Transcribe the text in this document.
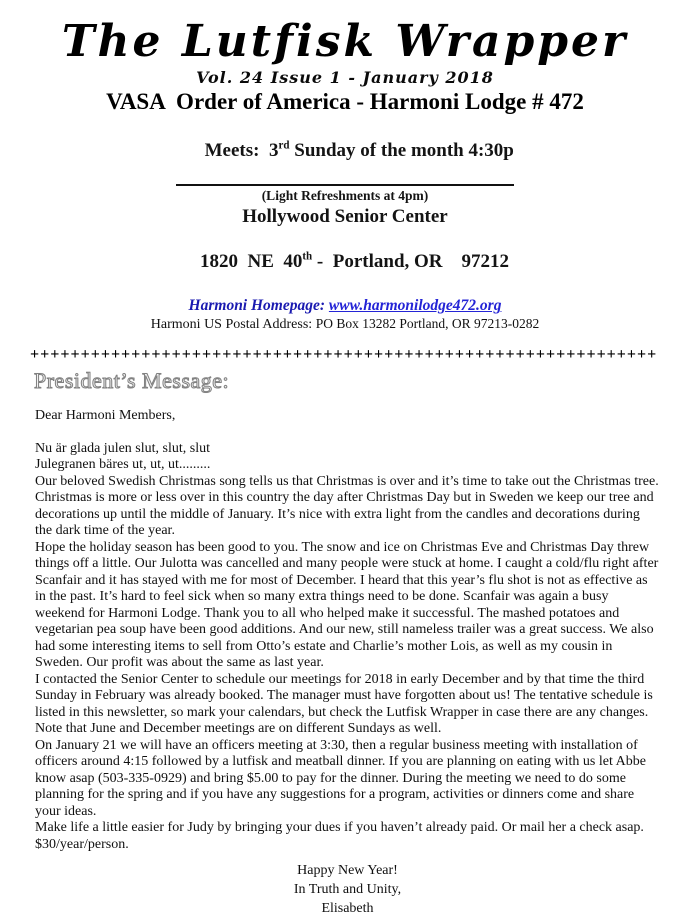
The Lutfisk Wrapper
Vol. 24 Issue 1 - January 2018
VASA  Order of America - Harmoni Lodge # 472

Meets:  3rd Sunday of the month 4:30p

(Light Refreshments at 4pm)
Hollywood Senior Center

1820  NE  40th -  Portland, OR    97212

Harmoni Homepage: www.harmonilodge472.org
Harmoni US Postal Address: PO Box 13282 Portland, OR 97213-0282
++++++++++++++++++++++++++++++++++++++++++++++++++++++++++++++
President’s Message:

Dear Harmoni Members,

Nu är glada julen slut, slut, slut

Julegranen bäres ut, ut, ut.........

Our beloved Swedish Christmas song tells us that Christmas is over and it’s time to take out the Christmas tree. Christmas is more or less over in this country the day after Christmas Day but in Sweden we keep our tree and decorations up until the middle of January. It’s nice with extra light from the candles and decorations during the dark time of the year.

Hope the holiday season has been good to you. The snow and ice on Christmas Eve and Christmas Day threw things off a little. Our Julotta was cancelled and many people were stuck at home. I caught a cold/flu right after Scanfair and it has stayed with me for most of December. I heard that this year’s flu shot is not as effective as in the past. It’s hard to feel sick when so many extra things need to be done. Scanfair was again a busy weekend for Harmoni Lodge. Thank you to all who helped make it successful. The mashed potatoes and vegetarian pea soup have been good additions. And our new, still nameless trailer was a great success. We also had some interesting items to sell from Otto’s estate and Charlie’s mother Lois, as well as my cousin in Sweden. Our profit was about the same as last year.

I contacted the Senior Center to schedule our meetings for 2018 in early December and by that time the third Sunday in February was already booked. The manager must have forgotten about us! The tentative schedule is listed in this newsletter, so mark your calendars, but check the Lutfisk Wrapper in case there are any changes. Note that June and December meetings are on different Sundays as well.

On January 21 we will have an officers meeting at 3:30, then a regular business meeting with installation of officers around 4:15 followed by a lutfisk and meatball dinner. If you are planning on eating with us let Abbe know asap (503-335-0929) and bring $5.00 to pay for the dinner. During the meeting we need to do some planning for the spring and if you have any suggestions for a program, activities or dinners come and share your ideas.

Make life a little easier for Judy by bringing your dues if you haven’t already paid. Or mail her a check asap. $30/year/person.

Happy New Year!
In Truth and Unity,
Elisabeth
